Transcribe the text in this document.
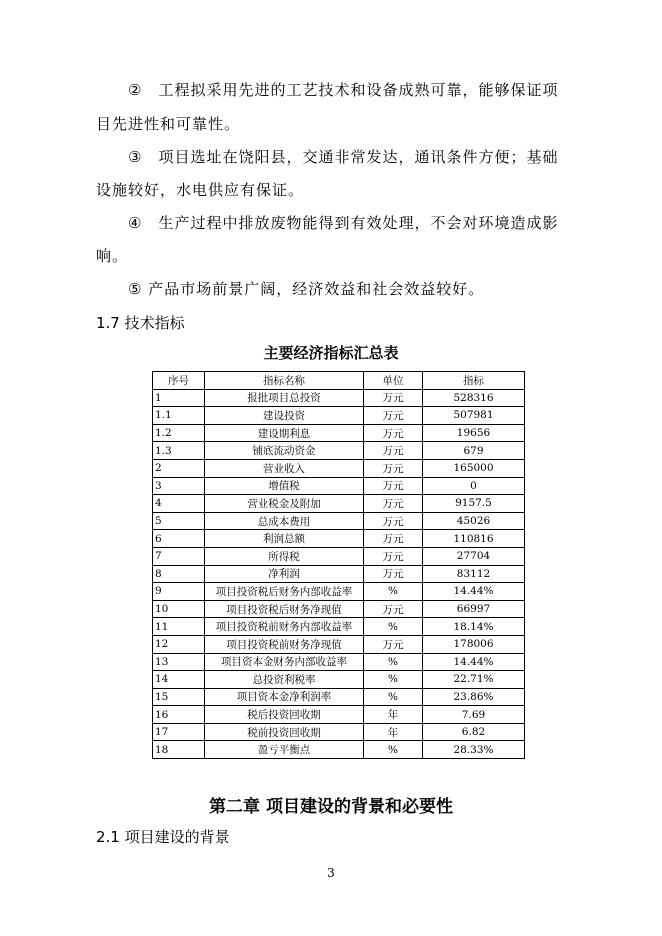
②　工程拟采用先进的工艺技术和设备成熟可靠，能够保证项
目先进性和可靠性。
③　项目选址在饶阳县，交通非常发达，通讯条件方便；基础
设施较好，水电供应有保证。
④　生产过程中排放废物能得到有效处理，不会对环境造成影
响。
⑤ 产品市场前景广阔，经济效益和社会效益较好。
1.7 技术指标
主要经济指标汇总表
序号	指标名称	单位	指标
1	报批项目总投资	万元	528316
1.1	建设投资	万元	507981
1.2	建设期利息	万元	19656
1.3	铺底流动资金	万元	679
2	营业收入	万元	165000
3	增值税	万元	0
4	营业税金及附加	万元	9157.5
5	总成本费用	万元	45026
6	利润总额	万元	110816
7	所得税	万元	27704
8	净利润	万元	83112
9	项目投资税后财务内部收益率	%	14.44%
10	项目投资税后财务净现值	万元	66997
11	项目投资税前财务内部收益率	%	18.14%
12	项目投资税前财务净现值	万元	178006
13	项目资本金财务内部收益率	%	14.44%
14	总投资利税率	%	22.71%
15	项目资本金净利润率	%	23.86%
16	税后投资回收期	年	7.69
17	税前投资回收期	年	6.82
18	盈亏平衡点	%	28.33%
第二章 项目建设的背景和必要性
2.1 项目建设的背景
3
